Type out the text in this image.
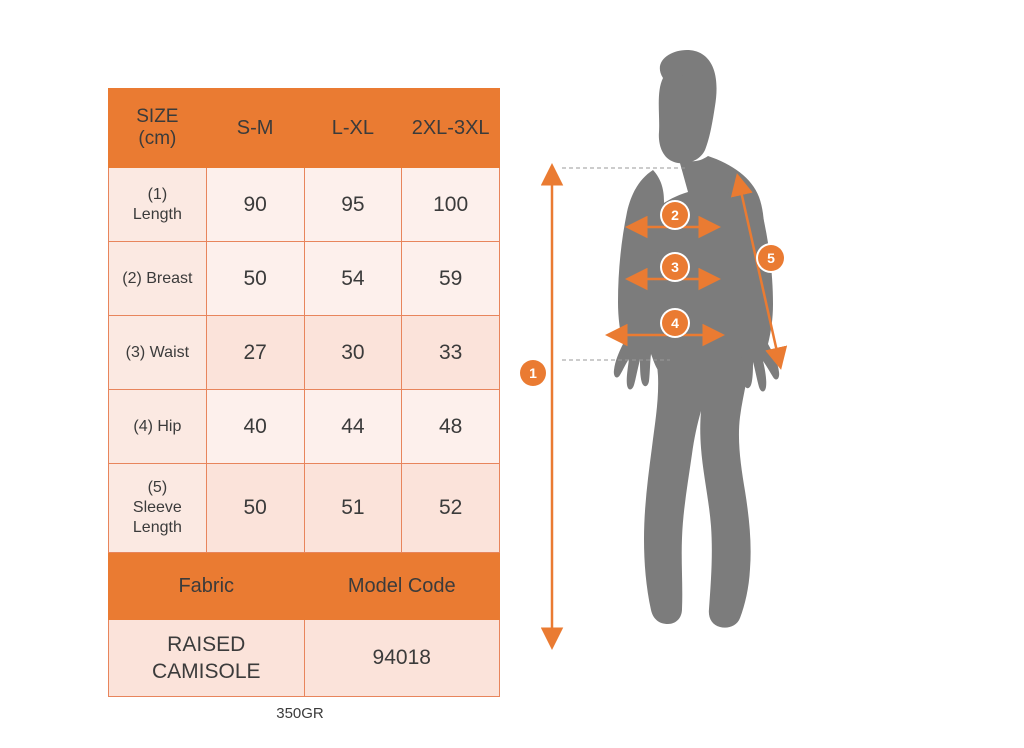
SIZE
(cm)	S-M	L-XL	2XL-3XL

(1)
Length	90	95	100
(2) Breast	50	54	59
(3) Waist	27	30	33
(4) Hip	40	44	48

(5)
Sleeve
Length	50	51	52
Fabric		Model Code	

RAISED
CAMISOLE		94018	
350GR
1
2
3
4
5
